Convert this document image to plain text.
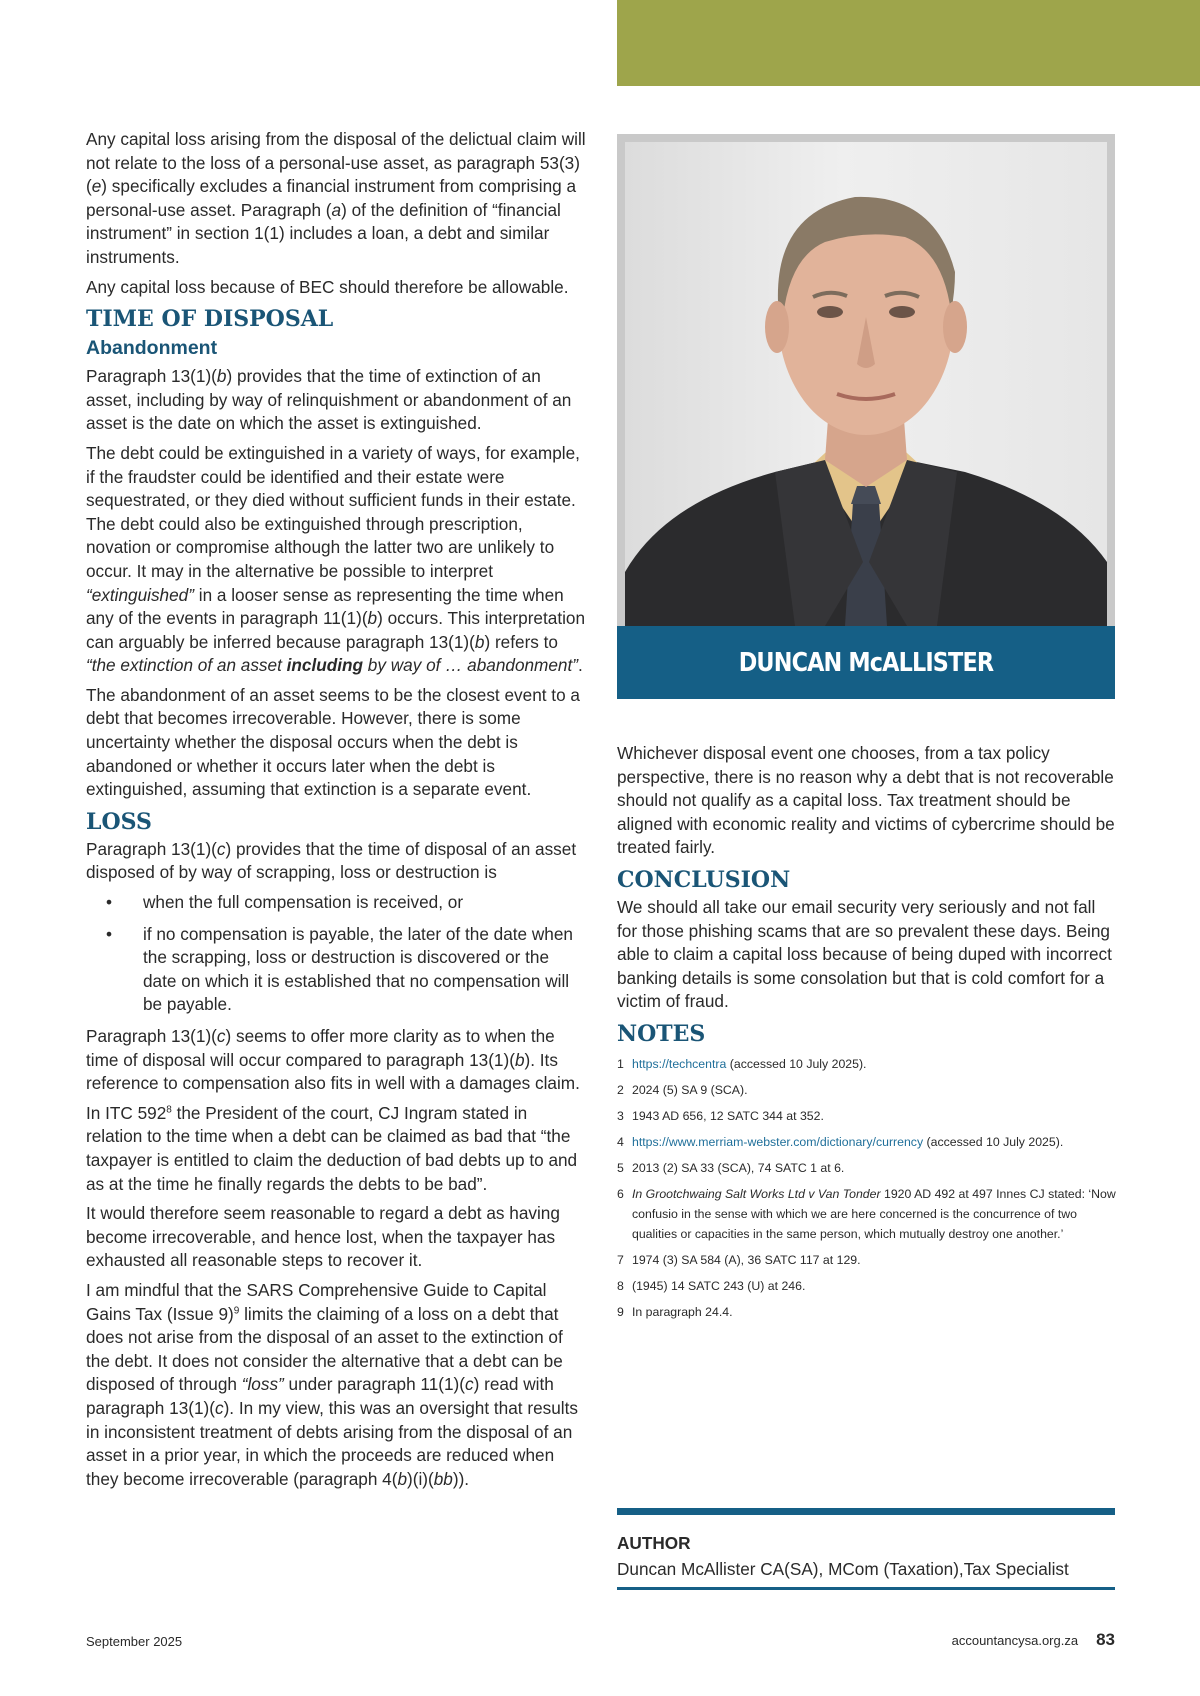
Any capital loss arising from the disposal of the delictual claim will not relate to the loss of a personal-use asset, as paragraph 53(3)(e) specifically excludes a financial instrument from comprising a personal-use asset. Paragraph (a) of the definition of “financial instrument” in section 1(1) includes a loan, a debt and similar instruments.

Any capital loss because of BEC should therefore be allowable.

TIME OF DISPOSAL
Abandonment

Paragraph 13(1)(b) provides that the time of extinction of an asset, including by way of relinquishment or abandonment of an asset is the date on which the asset is extinguished.

The debt could be extinguished in a variety of ways, for example, if the fraudster could be identified and their estate were sequestrated, or they died without sufficient funds in their estate. The debt could also be extinguished through prescription, novation or compromise although the latter two are unlikely to occur. It may in the alternative be possible to interpret “extinguished” in a looser sense as representing the time when any of the events in paragraph 11(1)(b) occurs. This interpretation can arguably be inferred because paragraph 13(1)(b) refers to “the extinction of an asset including by way of … abandonment”.

The abandonment of an asset seems to be the closest event to a debt that becomes irrecoverable. However, there is some uncertainty whether the disposal occurs when the debt is abandoned or whether it occurs later when the debt is extinguished, assuming that extinction is a separate event.

LOSS

Paragraph 13(1)(c) provides that the time of disposal of an asset disposed of by way of scrapping, loss or destruction is

• when the full compensation is received, or
• if no compensation is payable, the later of the date when the scrapping, loss or destruction is discovered or the date on which it is established that no compensation will be payable.

Paragraph 13(1)(c) seems to offer more clarity as to when the time of disposal will occur compared to paragraph 13(1)(b). Its reference to compensation also fits in well with a damages claim.

In ITC $592^8$ the President of the court, CJ Ingram stated in relation to the time when a debt can be claimed as bad that “the taxpayer is entitled to claim the deduction of bad debts up to and as at the time he finally regards the debts to be bad”.

It would therefore seem reasonable to regard a debt as having become irrecoverable, and hence lost, when the taxpayer has exhausted all reasonable steps to recover it.

I am mindful that the SARS Comprehensive Guide to Capital Gains Tax (Issue 9)$^9$ limits the claiming of a loss on a debt that does not arise from the disposal of an asset to the extinction of the debt. It does not consider the alternative that a debt can be disposed of through “loss” under paragraph 11(1)(c) read with paragraph 13(1)(c). In my view, this was an oversight that results in inconsistent treatment of debts arising from the disposal of an asset in a prior year, in which the proceeds are reduced when they become irrecoverable (paragraph 4(b)(i)(bb)).

DUNCAN McALLISTER

Whichever disposal event one chooses, from a tax policy perspective, there is no reason why a debt that is not recoverable should not qualify as a capital loss. Tax treatment should be aligned with economic reality and victims of cybercrime should be treated fairly.

CONCLUSION

We should all take our email security very seriously and not fall for those phishing scams that are so prevalent these days. Being able to claim a capital loss because of being duped with incorrect banking details is some consolation but that is cold comfort for a victim of fraud.

NOTES
1 https://techcentra (accessed 10 July 2025).
2 2024 (5) SA 9 (SCA).
3 1943 AD 656, 12 SATC 344 at 352.
4 https://www.merriam-webster.com/dictionary/currency (accessed 10 July 2025).
5 2013 (2) SA 33 (SCA), 74 SATC 1 at 6.
6 In Grootchwaing Salt Works Ltd v Van Tonder 1920 AD 492 at 497 Innes CJ stated: ‘Now confusio in the sense with which we are here concerned is the concurrence of two qualities or capacities in the same person, which mutually destroy one another.’
7 1974 (3) SA 584 (A), 36 SATC 117 at 129.
8 (1945) 14 SATC 243 (U) at 246.
9 In paragraph 24.4.
AUTHOR
Duncan McAllister CA(SA), MCom (Taxation),Tax Specialist
September 2025	accountancysa.org.za 83
